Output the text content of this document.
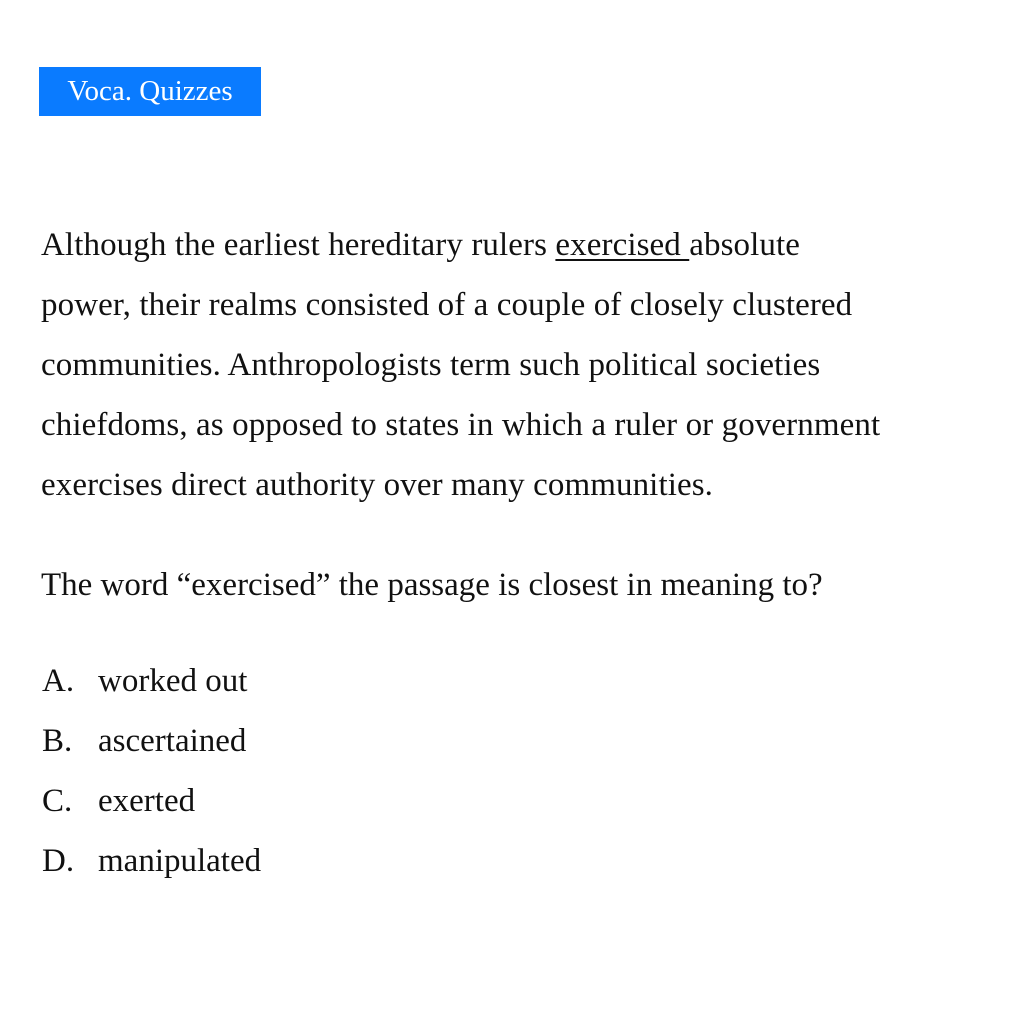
Voca. Quizzes
Although the earliest hereditary rulers exercised absolute
power, their realms consisted of a couple of closely clustered
communities. Anthropologists term such political societies
chiefdoms, as opposed to states in which a ruler or government
exercises direct authority over many communities.
The word “exercised” the passage is closest in meaning to?
A. worked out
B. ascertained
C. exerted
D. manipulated
